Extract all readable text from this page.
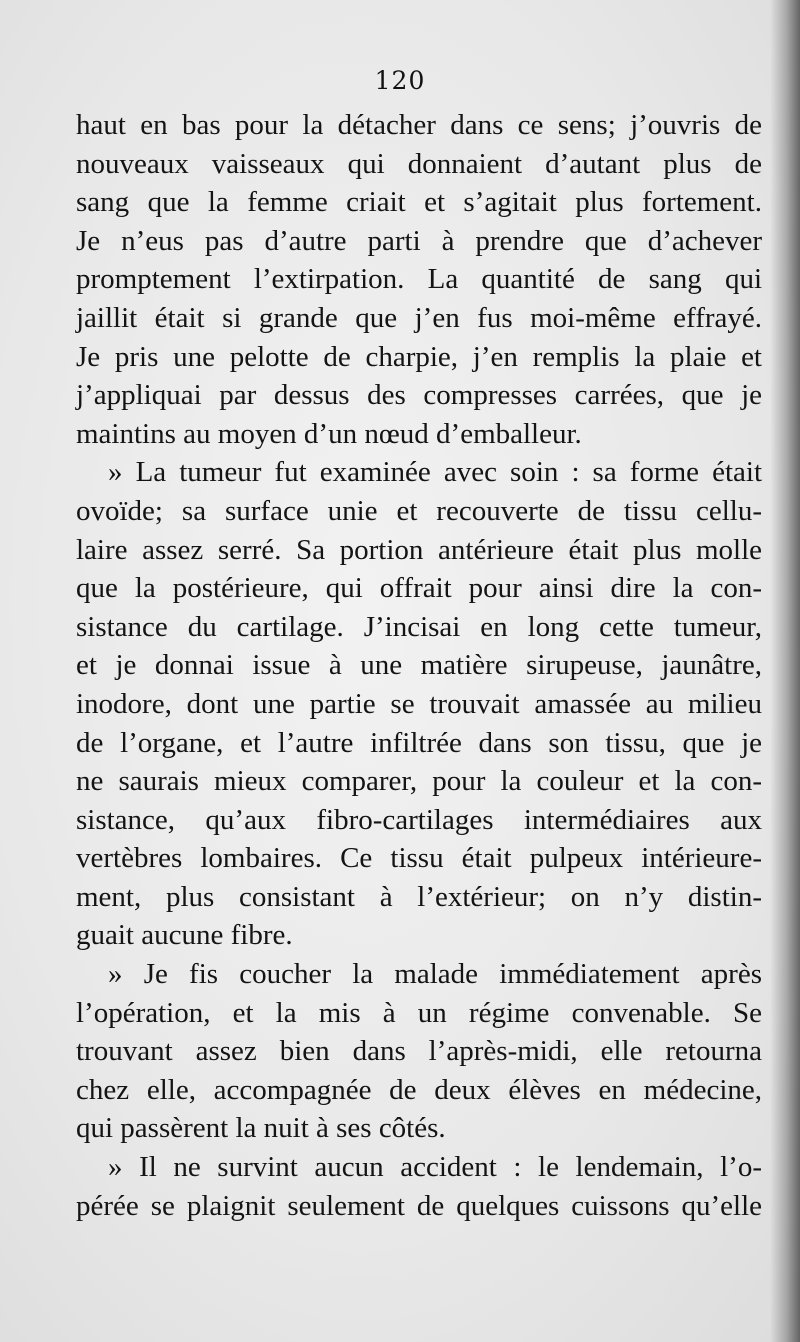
120
haut en bas pour la détacher dans ce sens; j’ouvris de
nouveaux vaisseaux qui donnaient d’autant plus de
sang que la femme criait et s’agitait plus fortement.
Je n’eus pas d’autre parti à prendre que d’achever
promptement l’extirpation. La quantité de sang qui
jaillit était si grande que j’en fus moi-même effrayé.
Je pris une pelotte de charpie, j’en remplis la plaie et
j’appliquai par dessus des compresses carrées, que je
maintins au moyen d’un nœud d’emballeur.
» La tumeur fut examinée avec soin : sa forme était
ovoïde; sa surface unie et recouverte de tissu cellu-
laire assez serré. Sa portion antérieure était plus molle
que la postérieure, qui offrait pour ainsi dire la con-
sistance du cartilage. J’incisai en long cette tumeur,
et je donnai issue à une matière sirupeuse, jaunâtre,
inodore, dont une partie se trouvait amassée au milieu
de l’organe, et l’autre infiltrée dans son tissu, que je
ne saurais mieux comparer, pour la couleur et la con-
sistance, qu’aux fibro-cartilages intermédiaires aux
vertèbres lombaires. Ce tissu était pulpeux intérieure-
ment, plus consistant à l’extérieur; on n’y distin-
guait aucune fibre.
» Je fis coucher la malade immédiatement après
l’opération, et la mis à un régime convenable. Se
trouvant assez bien dans l’après-midi, elle retourna
chez elle, accompagnée de deux élèves en médecine,
qui passèrent la nuit à ses côtés.
» Il ne survint aucun accident : le lendemain, l’o-
pérée se plaignit seulement de quelques cuissons qu’elle
